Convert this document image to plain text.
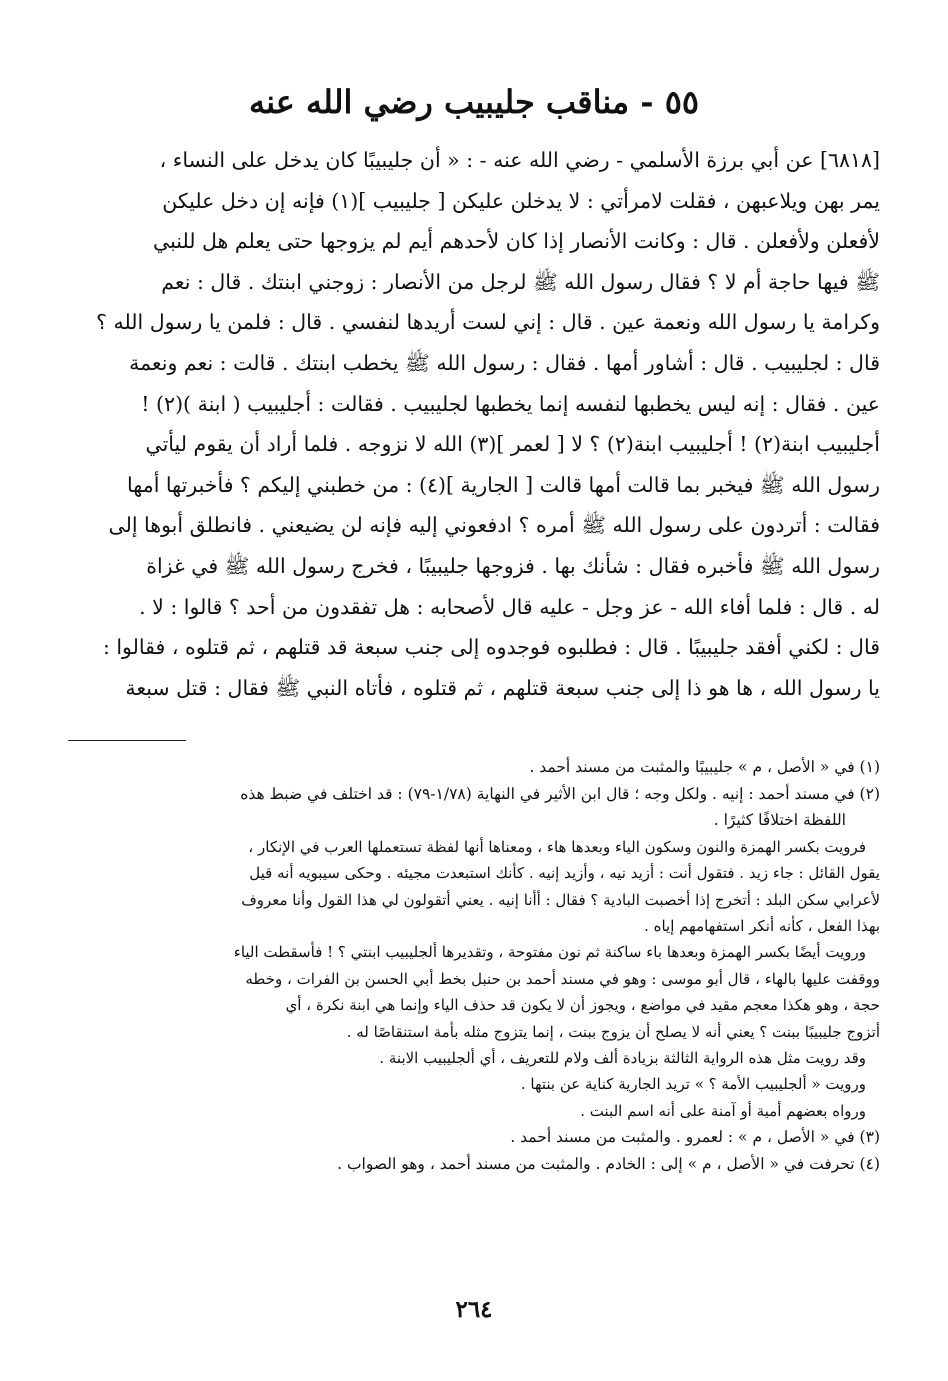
٥٥ - مناقب جليبيب رضي الله عنه

[٦٨١٨] عن أبي برزة الأسلمي - رضي الله عنه - : « أن جليبيبًا كان يدخل على النساء ،

يمر بهن ويلاعبهن ، فقلت لامرأتي : لا يدخلن عليكن [ جليبيب ](١) فإنه إن دخل عليكن

لأفعلن ولأفعلن . قال : وكانت الأنصار إذا كان لأحدهم أيم لم يزوجها حتى يعلم هل للنبي

ﷺ فيها حاجة أم لا ؟ فقال رسول الله ﷺ لرجل من الأنصار : زوجني ابنتك . قال : نعم

وكرامة يا رسول الله ونعمة عين . قال : إني لست أريدها لنفسي . قال : فلمن يا رسول الله ؟

قال : لجليبيب . قال : أشاور أمها . فقال : رسول الله ﷺ يخطب ابنتك . قالت : نعم ونعمة

عين . فقال : إنه ليس يخطبها لنفسه إنما يخطبها لجليبيب . فقالت : أجليبيب ( ابنة )(٢) !

أجليبيب ابنة(٢) ! أجليبيب ابنة(٢) ؟ لا [ لعمر ](٣) الله لا نزوجه . فلما أراد أن يقوم ليأتي

رسول الله ﷺ فيخبر بما قالت أمها قالت [ الجارية ](٤) : من خطبني إليكم ؟ فأخبرتها أمها

فقالت : أتردون على رسول الله ﷺ أمره ؟ ادفعوني إليه فإنه لن يضيعني . فانطلق أبوها إلى

رسول الله ﷺ فأخبره فقال : شأنك بها . فزوجها جليبيبًا ، فخرج رسول الله ﷺ في غزاة

له . قال : فلما أفاء الله - عز وجل - عليه قال لأصحابه : هل تفقدون من أحد ؟ قالوا : لا .

قال : لكني أفقد جليبيبًا . قال : فطلبوه فوجدوه إلى جنب سبعة قد قتلهم ، ثم قتلوه ، فقالوا :

يا رسول الله ، ها هو ذا إلى جنب سبعة قتلهم ، ثم قتلوه ، فأتاه النبي ﷺ فقال : قتل سبعة

(١) في « الأصل ، م » جليبيبًا والمثبت من مسند أحمد .

(٢) في مسند أحمد : إنيه . ولكل وجه ؛ قال ابن الأثير في النهاية (١/٧٨-٧٩) : قد اختلف في ضبط هذه

اللفظة اختلافًا كثيرًا .

فرويت بكسر الهمزة والنون وسكون الياء وبعدها هاء ، ومعناها أنها لفظة تستعملها العرب في الإنكار ،

يقول القائل : جاء زيد . فتقول أنت : أزيد نيه ، وأزيد إنيه . كأنك استبعدت مجيئه . وحكى سيبويه أنه قيل

لأعرابي سكن البلد : أتخرج إذا أخصبت البادية ؟ فقال : أأنا إنيه . يعني أتقولون لي هذا القول وأنا معروف

بهذا الفعل ، كأنه أنكر استفهامهم إياه .

ورويت أيضًا بكسر الهمزة وبعدها باء ساكنة ثم نون مفتوحة ، وتقديرها ألجليبيب ابنتي ؟ ! فأسقطت الياء

ووقفت عليها بالهاء ، قال أبو موسى : وهو في مسند أحمد بن حنبل بخط أبي الحسن بن الفرات ، وخطه

حجة ، وهو هكذا معجم مقيد في مواضع ، ويجوز أن لا يكون قد حذف الياء وإنما هي ابنة نكرة ، أي

أتزوج جليبيبًا ببنت ؟ يعني أنه لا يصلح أن يزوج ببنت ، إنما يتزوج مثله بأمة استنقاصًا له .

وقد رويت مثل هذه الرواية الثالثة بزيادة ألف ولام للتعريف ، أي ألجليبيب الابنة .

ورويت « ألجليبيب الأمة ؟ » تريد الجارية كناية عن بنتها .

ورواه بعضهم أمية أو آمنة على أنه اسم البنت .

(٣) في « الأصل ، م » : لعمرو . والمثبت من مسند أحمد .

(٤) تحرفت في « الأصل ، م » إلى : الخادم . والمثبت من مسند أحمد ، وهو الصواب .

٢٦٤
